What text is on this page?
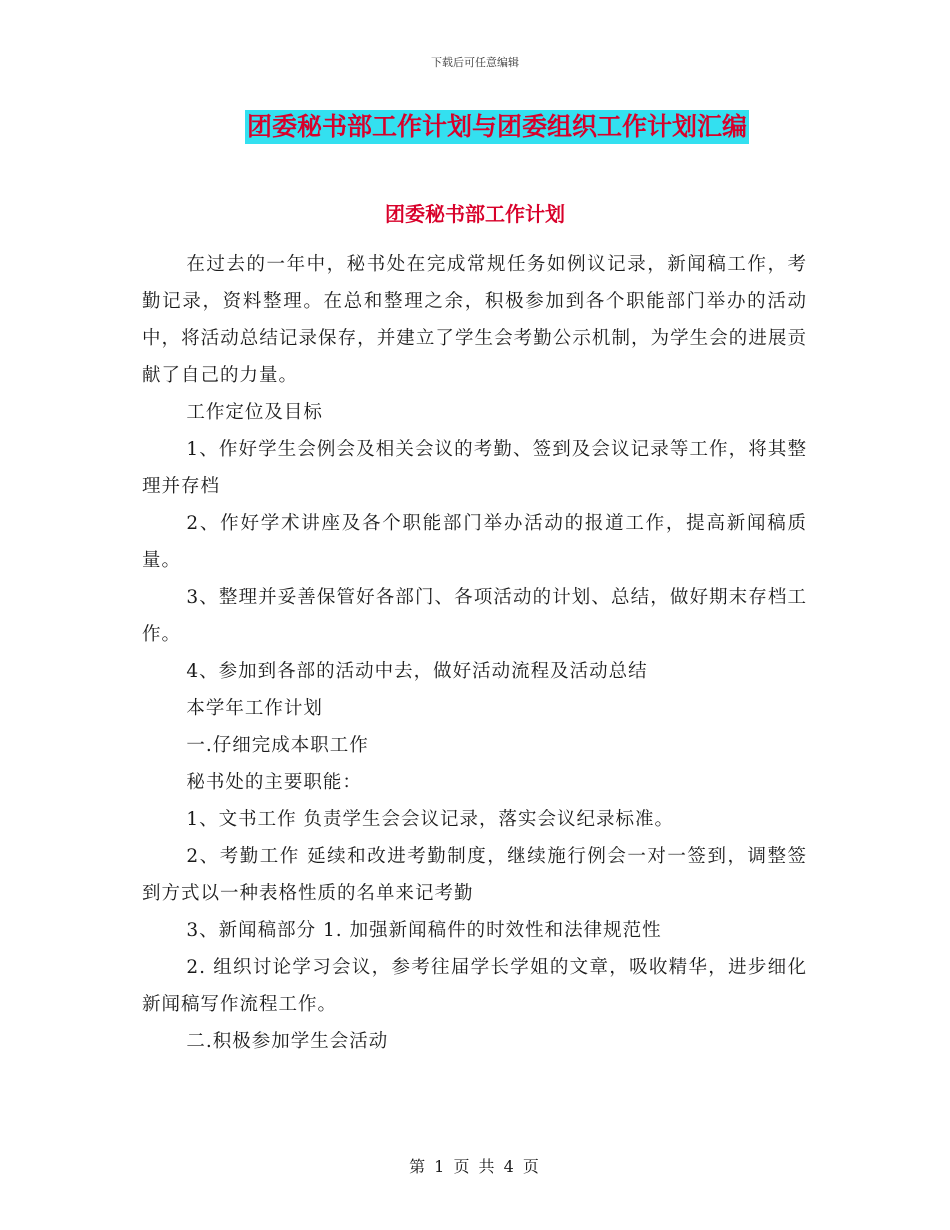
下载后可任意编辑
团委秘书部工作计划与团委组织工作计划汇编
团委秘书部工作计划

在过去的一年中，秘书处在完成常规任务如例议记录，新闻稿工作，考勤记录，资料整理。在总和整理之余，积极参加到各个职能部门举办的活动中，将活动总结记录保存，并建立了学生会考勤公示机制，为学生会的进展贡献了自己的力量。

工作定位及目标

1、作好学生会例会及相关会议的考勤、签到及会议记录等工作，将其整理并存档

2、作好学术讲座及各个职能部门举办活动的报道工作，提高新闻稿质量。

3、整理并妥善保管好各部门、各项活动的计划、总结，做好期末存档工作。

4、参加到各部的活动中去，做好活动流程及活动总结

本学年工作计划

一.仔细完成本职工作

秘书处的主要职能：

1、文书工作 负责学生会会议记录，落实会议纪录标准。

2、考勤工作 延续和改进考勤制度，继续施行例会一对一签到，调整签到方式以一种表格性质的名单来记考勤

3、新闻稿部分 1. 加强新闻稿件的时效性和法律规范性

2. 组织讨论学习会议，参考往届学长学姐的文章，吸收精华，进步细化新闻稿写作流程工作。

二.积极参加学生会活动

第 1 页 共 4 页
